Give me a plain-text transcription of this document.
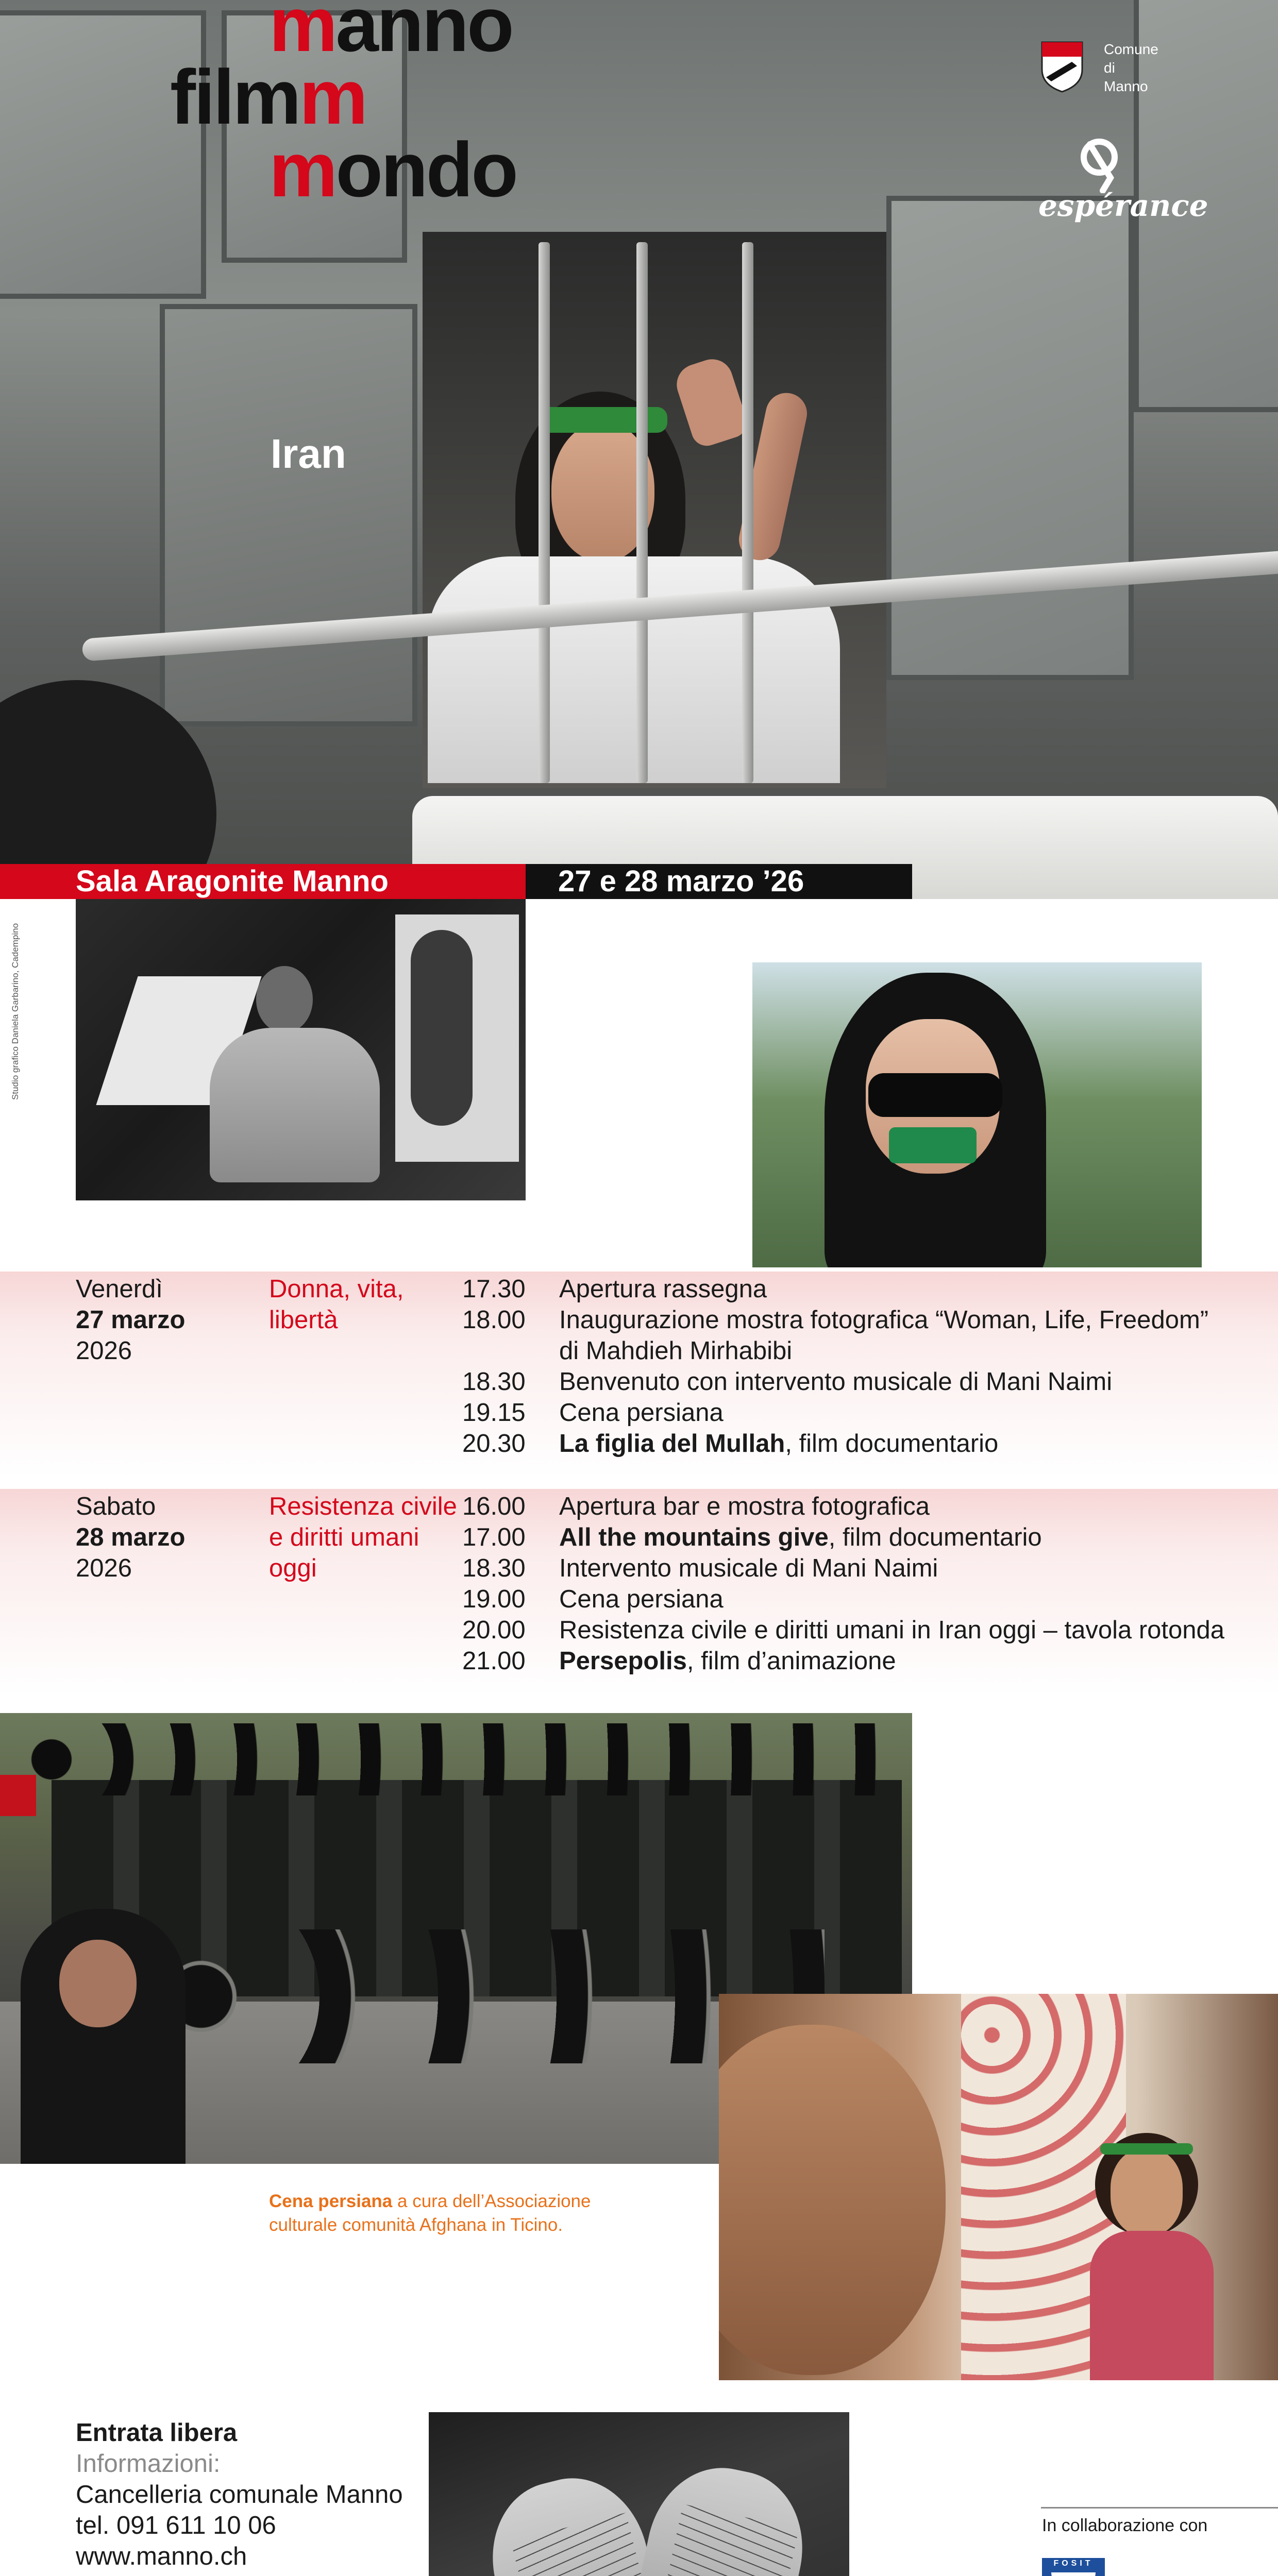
manno
filmm
mondo
Comune
di
Manno
espérance
Iran
Sala Aragonite Manno	27 e 28 marzo ’26
Studio grafico Daniela Garbarino, Cadempino
Venerdì
27 marzo
2026
Donna, vita,
libertà
17.30 Apertura rassegna
18.00 Inaugurazione mostra fotografica “Woman, Life, Freedom”
di Mahdieh Mirhabibi
18.30 Benvenuto con intervento musicale di Mani Naimi
19.15 Cena persiana
20.30 La figlia del Mullah, film documentario
Sabato
28 marzo
2026
Resistenza civile
e diritti umani
oggi
16.00 Apertura bar e mostra fotografica
17.00 All the mountains give, film documentario
18.30 Intervento musicale di Mani Naimi
19.00 Cena persiana
20.00 Resistenza civile e diritti umani in Iran oggi – tavola rotonda
21.00 Persepolis, film d’animazione
Cena persiana a cura dell’Associazione
culturale comunità Afghana in Ticino.
Entrata libera
Informazioni:
Cancelleria comunale Manno
tel. 091 611 10 06
www.manno.ch
In collaborazione con
FOSIT
